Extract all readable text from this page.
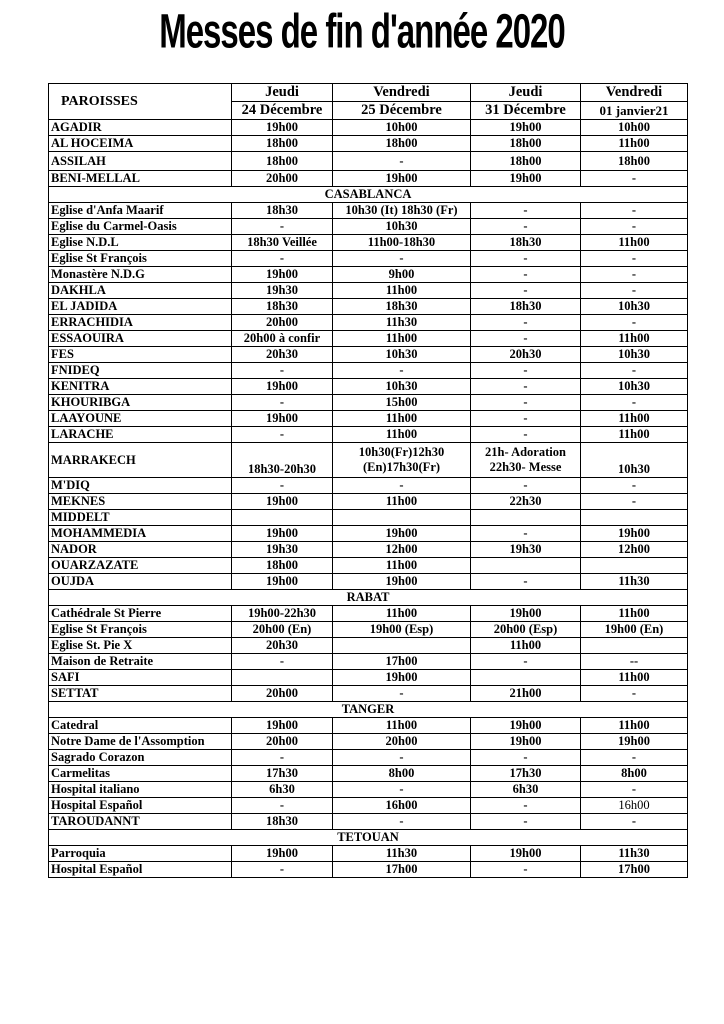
Messes de fin d'année 2020
PAROISSES	Jeudi	Vendredi	Jeudi	Vendredi
	24 Décembre	25 Décembre	31 Décembre	01 janvier21
AGADIR	19h00	10h00	19h00	10h00
AL HOCEIMA	18h00	18h00	18h00	11h00
ASSILAH	18h00	-	18h00	18h00
BENI-MELLAL	20h00	19h00	19h00	-
CASABLANCA				
Eglise d'Anfa Maarif	18h30	10h30 (It) 18h30 (Fr)	-	-
Eglise du Carmel-Oasis	-	10h30	-	-
Eglise N.D.L	18h30 Veillée	11h00-18h30	18h30	11h00
Eglise St François	-	-	-	-
Monastère N.D.G	19h00	9h00	-	-
DAKHLA	19h30	11h00	-	-
EL JADIDA	18h30	18h30	18h30	10h30
ERRACHIDIA	20h00	11h30	-	-
ESSAOUIRA	20h00 à confir	11h00	-	11h00
FES	20h30	10h30	20h30	10h30
FNIDEQ	-	-	-	-
KENITRA	19h00	10h30	-	10h30
KHOURIBGA	-	15h00	-	-
LAAYOUNE	19h00	11h00	-	11h00
LARACHE	-	11h00	-	11h00
MARRAKECH	18h30-20h30	10h30(Fr)12h30 (En)17h30(Fr)	21h- Adoration 22h30- Messe	10h30
M'DIQ	-	-	-	-
MEKNES	19h00	11h00	22h30	-
MIDDELT				
MOHAMMEDIA	19h00	19h00	-	19h00
NADOR	19h30	12h00	19h30	12h00
OUARZAZATE	18h00	11h00		
OUJDA	19h00	19h00	-	11h30
RABAT				
Cathédrale St Pierre	19h00-22h30	11h00	19h00	11h00
Eglise St François	20h00 (En)	19h00 (Esp)	20h00 (Esp)	19h00 (En)
Eglise St. Pie X	20h30		11h00	
Maison de Retraite	-	17h00	-	--
SAFI		19h00		11h00
SETTAT	20h00	-	21h00	-
TANGER				
Catedral	19h00	11h00	19h00	11h00
Notre Dame de l'Assomption	20h00	20h00	19h00	19h00
Sagrado Corazon	-	-	-	-
Carmelitas	17h30	8h00	17h30	8h00
Hospital italiano	6h30	-	6h30	-
Hospital Español	-	16h00	-	16h00
TAROUDANNT	18h30	-	-	-
TETOUAN				
Parroquia	19h00	11h30	19h00	11h30
Hospital Español	-	17h00	-	17h00
